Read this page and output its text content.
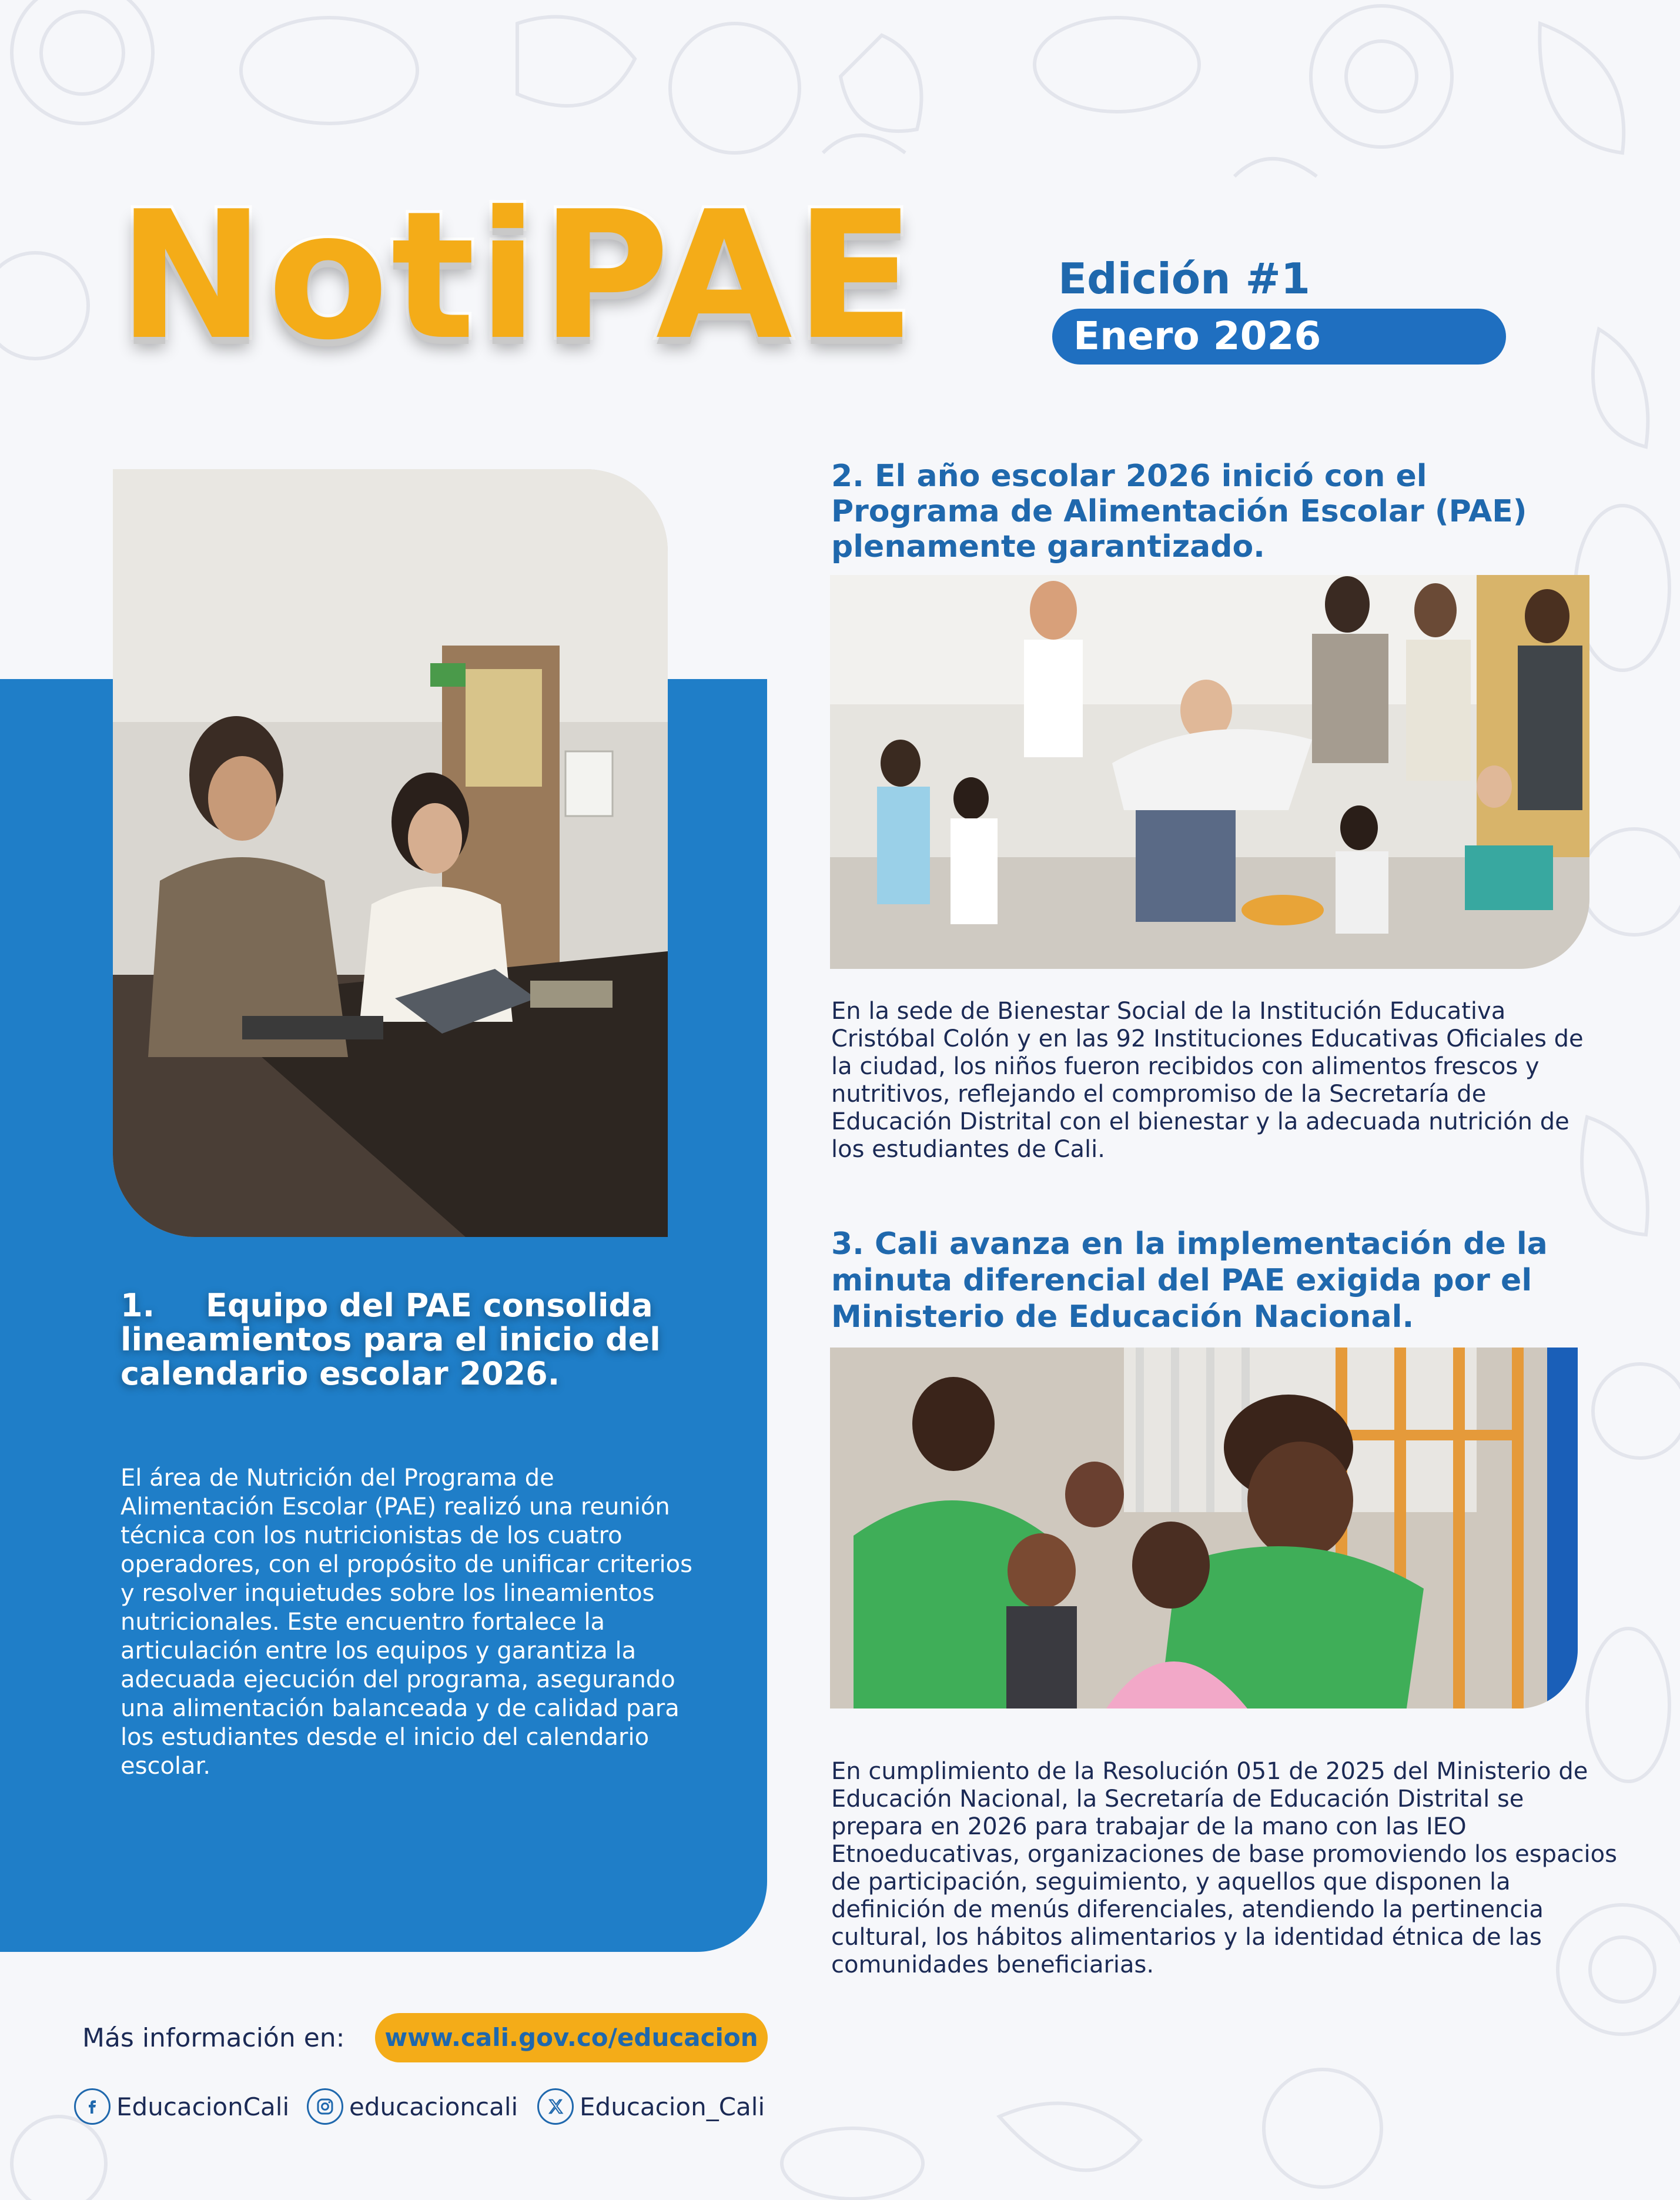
NotiPAE	Edición #1
Enero 2026
1. Equipo del PAE consolida lineamientos para el inicio del calendario escolar 2026.
El área de Nutrición del Programa de Alimentación Escolar (PAE) realizó una reunión técnica con los nutricionistas de los cuatro operadores, con el propósito de unificar criterios y resolver inquietudes sobre los lineamientos nutricionales. Este encuentro fortalece la articulación entre los equipos y garantiza la adecuada ejecución del programa, asegurando una alimentación balanceada y de calidad para los estudiantes desde el inicio del calendario escolar.
2. El año escolar 2026 inició con el Programa de Alimentación Escolar (PAE) plenamente garantizado.
En la sede de Bienestar Social de la Institución Educativa Cristóbal Colón y en las 92 Instituciones Educativas Oficiales de la ciudad, los niños fueron recibidos con alimentos frescos y nutritivos, reflejando el compromiso de la Secretaría de Educación Distrital con el bienestar y la adecuada nutrición de los estudiantes de Cali.
3. Cali avanza en la implementación de la minuta diferencial del PAE exigida por el Ministerio de Educación Nacional.
En cumplimiento de la Resolución 051 de 2025 del Ministerio de Educación Nacional, la Secretaría de Educación Distrital se prepara en 2026 para trabajar de la mano con las IEO Etnoeducativas, organizaciones de base promoviendo los espacios de participación, seguimiento, y aquellos que disponen la definición de menús diferenciales, atendiendo la pertinencia cultural, los hábitos alimentarios y la identidad étnica de las comunidades beneficiarias.
Más información en:	www.cali.gov.co/educacion
EducacionCali educacioncali Educacion_Cali
